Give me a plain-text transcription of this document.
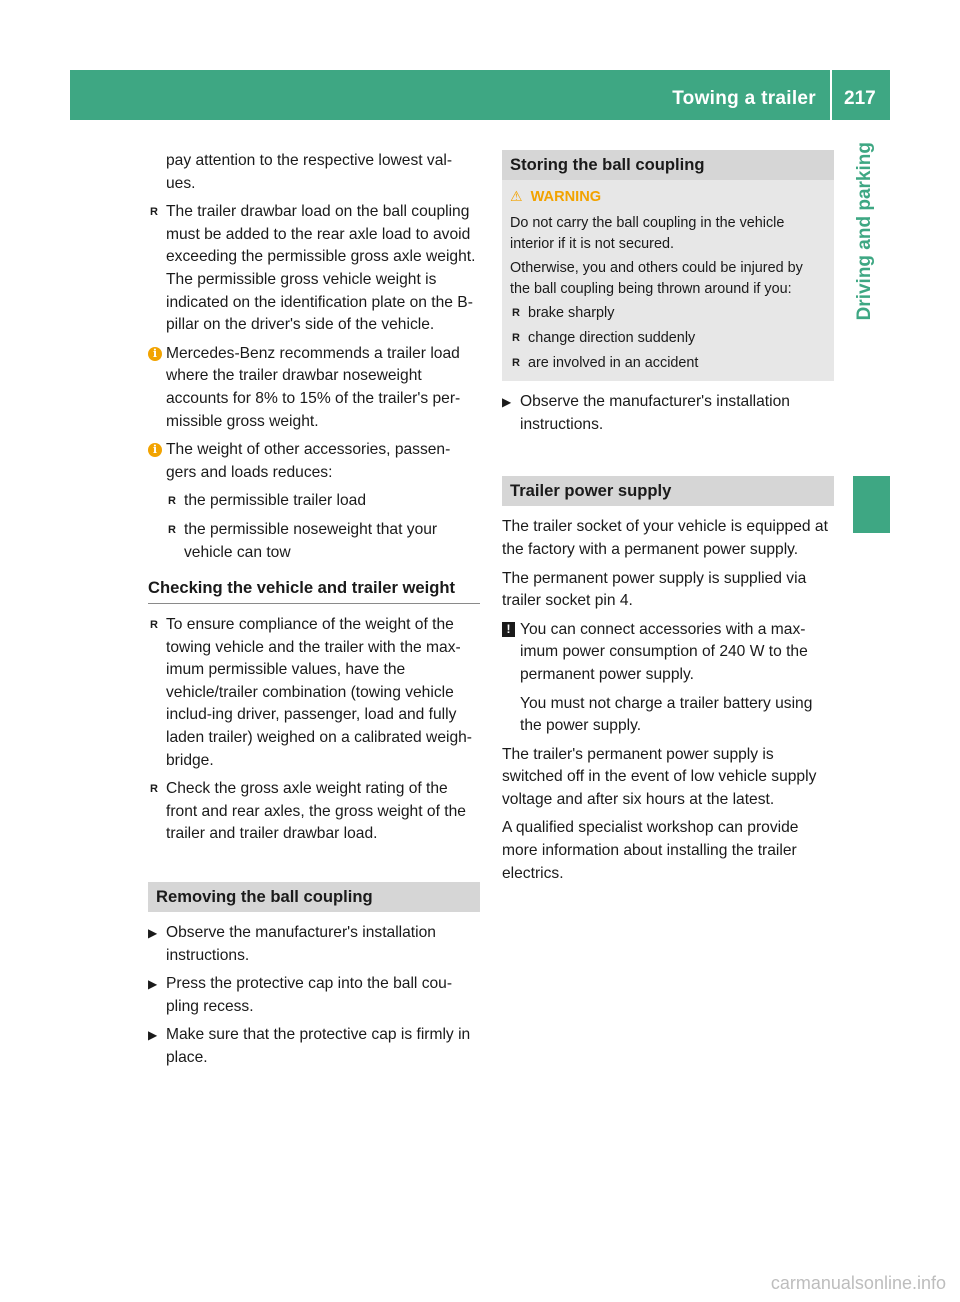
Towing a trailer 217
Driving and parking

pay attention to the respective lowest val-
ues.

R The trailer drawbar load on the ball coupling must be added to the rear axle load to avoid exceeding the permissible gross axle weight. The permissible gross vehicle weight is indicated on the identification plate on the B-pillar on the driver's side of the vehicle.
i Mercedes-Benz recommends a trailer load where the trailer drawbar noseweight accounts for 8% to 15% of the trailer's per-missible gross weight.
i The weight of other accessories, passen-gers and loads reduces:
R the permissible trailer load
R the permissible noseweight that your vehicle can tow
Checking the vehicle and trailer weight
R To ensure compliance of the weight of the towing vehicle and the trailer with the max-imum permissible values, have the vehicle/trailer combination (towing vehicle includ-ing driver, passenger, load and fully laden trailer) weighed on a calibrated weigh-bridge.
R Check the gross axle weight rating of the front and rear axles, the gross weight of the trailer and trailer drawbar load.
Removing the ball coupling
▶ Observe the manufacturer's installation instructions.
▶ Press the protective cap into the ball cou-pling recess.
▶ Make sure that the protective cap is firmly in place.
Storing the ball coupling
⚠ WARNING

Do not carry the ball coupling in the vehicle interior if it is not secured.

Otherwise, you and others could be injured by the ball coupling being thrown around if you:

R brake sharply
R change direction suddenly
R are involved in an accident
▶ Observe the manufacturer's installation instructions.
Trailer power supply

The trailer socket of your vehicle is equipped at the factory with a permanent power supply.

The permanent power supply is supplied via trailer socket pin 4.

! You can connect accessories with a max-imum power consumption of 240 W to the permanent power supply.

You must not charge a trailer battery using the power supply.

The trailer's permanent power supply is switched off in the event of low vehicle supply voltage and after six hours at the latest.

A qualified specialist workshop can provide more information about installing the trailer electrics.

carmanualsonline.info
